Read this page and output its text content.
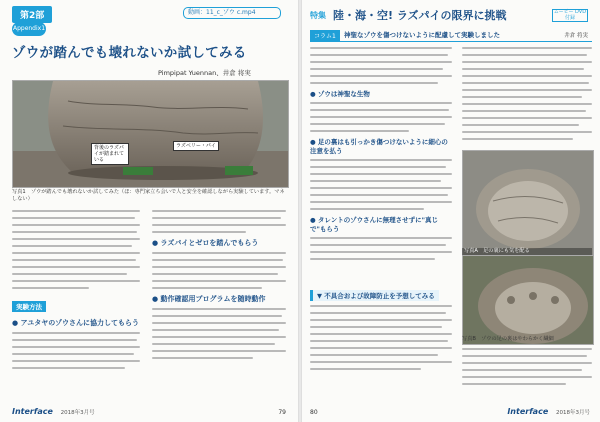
第2部
Appendix1
動画：11_c_ゾウ c.mp4
ゾウが踏んでも壊れないか試してみる
Pimpipat Yuennan、井倉 将実
背後のラズパイが踏まれている
ラズベリー・パイ
写真1　ゾウが踏んでも壊れないか試してみた（ほ：専門家立ち会いで人と安全を確認しながら実験しています。マネしない）
実験方法
● アユタヤのゾウさんに協力してもらう
● ラズパイとゼロを踏んでもらう
● 動作確認用プログラムを随時動作
Interface 2018年3月号	79
特集 陸・海・空! ラズパイの限界に挑戦	ムービー DVD付録
コラム1	神聖なゾウを傷つけないように配慮して実験しました	井倉 将実
● ゾウは神聖な生物
● 足の裏はも引っかき傷つけないように細心の注意を払う
● タレントのゾウさんに無理させずに"真じで"もらう
写真A　足の裏にも気を配る
写真B　ゾウの足の裏はやわらかく繊細
▼ 不具合および故障防止を予想してみる
80	Interface 2018年3月号
